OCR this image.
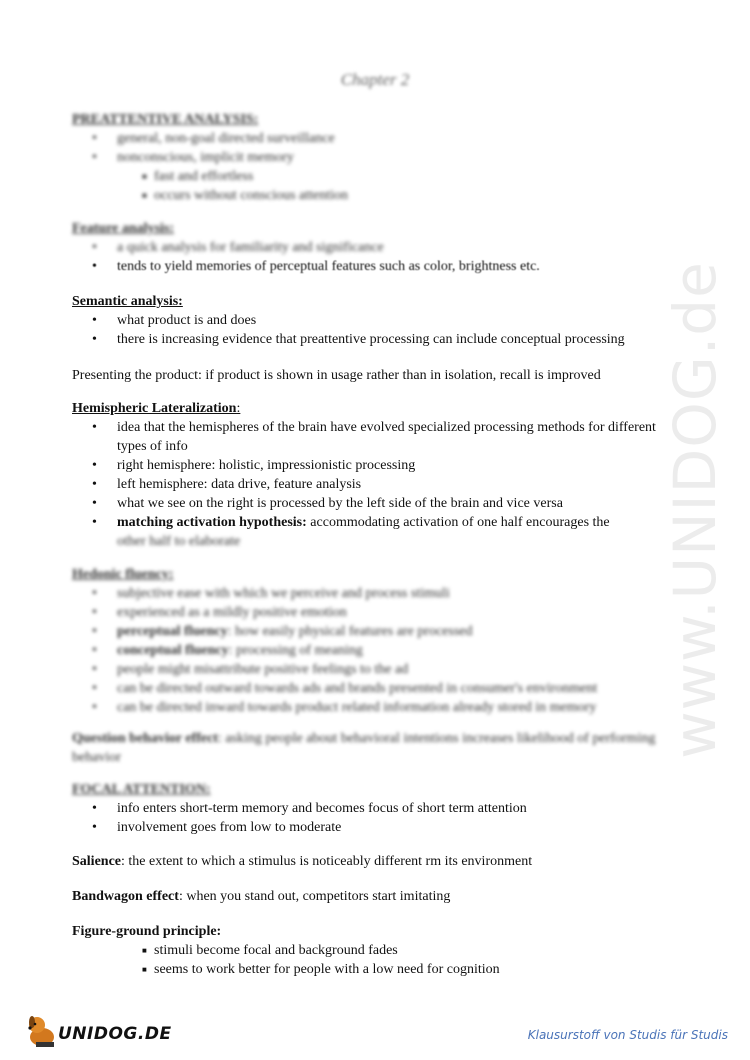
www.UNIDOG.de
Chapter 2
PREATTENTIVE ANALYSIS:
• general, non-goal directed surveillance
• nonconscious, implicit memory
■ fast and effortless
■ occurs without conscious attention
Feature analysis:
• a quick analysis for familiarity and significance
• tends to yield memories of perceptual features such as color, brightness etc.
Semantic analysis:
• what product is and does
• there is increasing evidence that preattentive processing can include conceptual processing
Presenting the product: if product is shown in usage rather than in isolation, recall is improved
Hemispheric Lateralization:
• idea that the hemispheres of the brain have evolved specialized processing methods for different types of info
• right hemisphere: holistic, impressionistic processing
• left hemisphere: data drive, feature analysis
• what we see on the right is processed by the left side of the brain and vice versa
• matching activation hypothesis: accommodating activation of one half encourages the
other half to elaborate
Hedonic fluency:
• subjective ease with which we perceive and process stimuli
• experienced as a mildly positive emotion
• perceptual fluency: how easily physical features are processed
• conceptual fluency: processing of meaning
• people might misattribute positive feelings to the ad
• can be directed outward towards ads and brands presented in consumer's environment
• can be directed inward towards product related information already stored in memory
Question behavior effect: asking people about behavioral intentions increases likelihood of performing behavior
FOCAL ATTENTION:
• info enters short-term memory and becomes focus of short term attention
• involvement goes from low to moderate
Salience: the extent to which a stimulus is noticeably different rm its environment
Bandwagon effect: when you stand out, competitors start imitating
Figure-ground principle:
■ stimuli become focal and background fades
■ seems to work better for people with a low need for cognition
UNIDOG.DE	Klausurstoff von Studis für Studis
